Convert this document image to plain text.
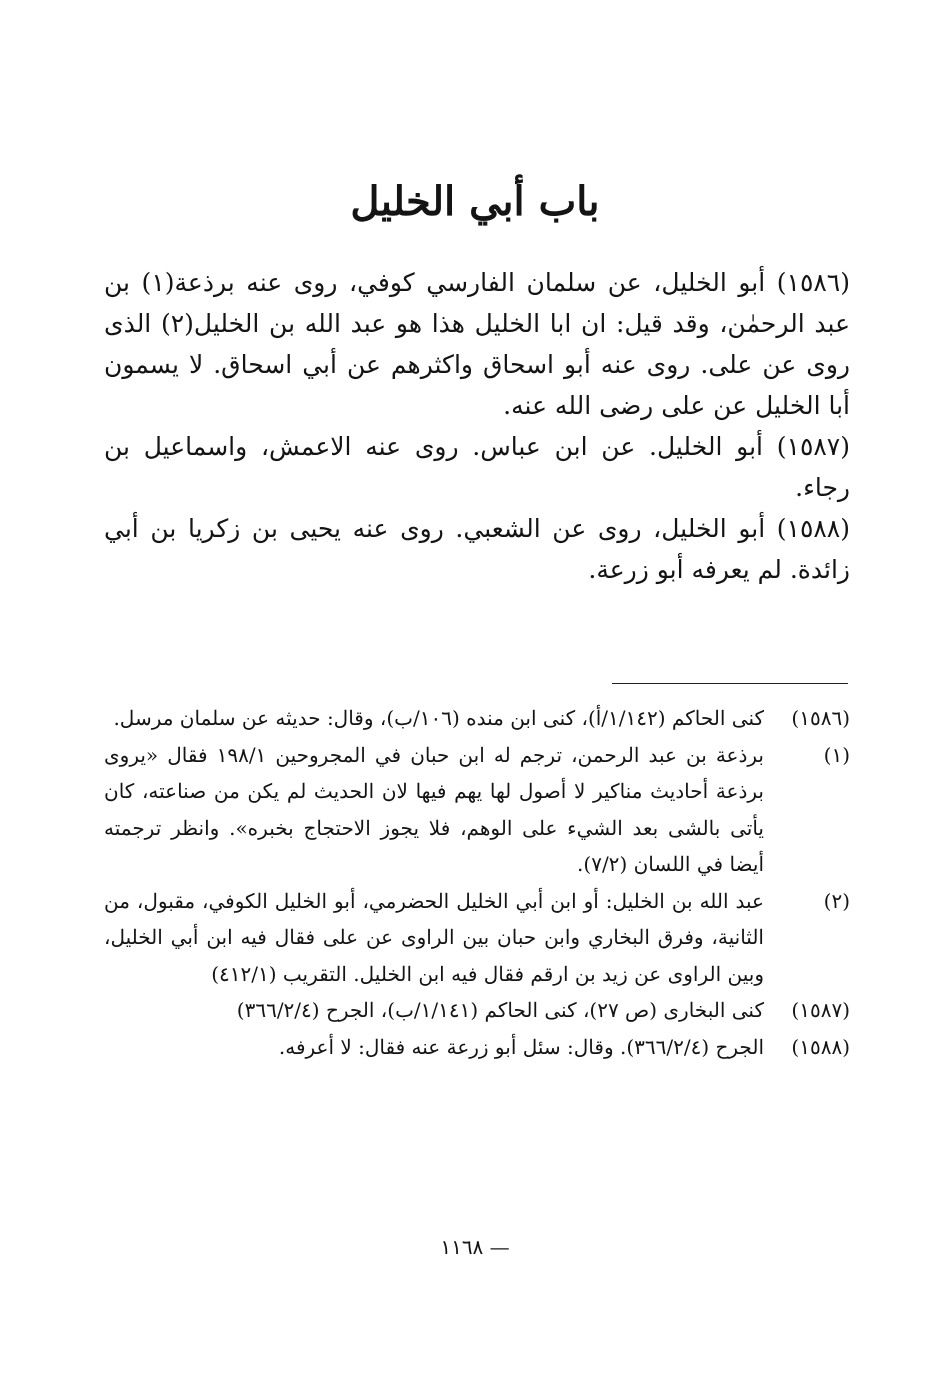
باب أبي الخليل

(١٥٨٦) أبو الخليل، عن سلمان الفارسي كوفي، روى عنه برذعة(١) بن عبد الرحمٰن، وقد قيل: ان ابا الخليل هذا هو عبد الله بن الخليل(٢) الذى روى عن على. روى عنه أبو اسحاق واكثرهم عن أبي اسحاق. لا يسمون أبا الخليل عن على رضى الله عنه.

(١٥٨٧) أبو الخليل. عن ابن عباس. روى عنه الاعمش، واسماعيل بن رجاء.

(١٥٨٨) أبو الخليل، روى عن الشعبي. روى عنه يحيى بن زكريا بن أبي زائدة. لم يعرفه أبو زرعة.

(١٥٨٦)
كنى الحاكم (١/١٤٢/أ)، كنى ابن منده (١٠٦/ب)، وقال: حديثه عن سلمان مرسل.
(١)
برذعة بن عبد الرحمن، ترجم له ابن حبان في المجروحين ١٩٨/١ فقال «يروى برذعة أحاديث مناكير لا أصول لها يهم فيها لان الحديث لم يكن من صناعته، كان يأتى بالشى بعد الشيء على الوهم، فلا يجوز الاحتجاج بخبره». وانظر ترجمته أيضا في اللسان (٧/٢).
(٢)
عبد الله بن الخليل: أو ابن أبي الخليل الحضرمي، أبو الخليل الكوفي، مقبول، من الثانية، وفرق البخاري وابن حبان بين الراوى عن على فقال فيه ابن أبي الخليل، وبين الراوى عن زيد بن ارقم فقال فيه ابن الخليل. التقريب (٤١٢/١)
(١٥٨٧)
كنى البخارى (ص ٢٧)، كنى الحاكم (١/١٤١/ب)، الجرح (٣٦٦/٢/٤)
(١٥٨٨)
الجرح (٣٦٦/٢/٤). وقال: سئل أبو زرعة عنه فقال: لا أعرفه.
— ١١٦٨
